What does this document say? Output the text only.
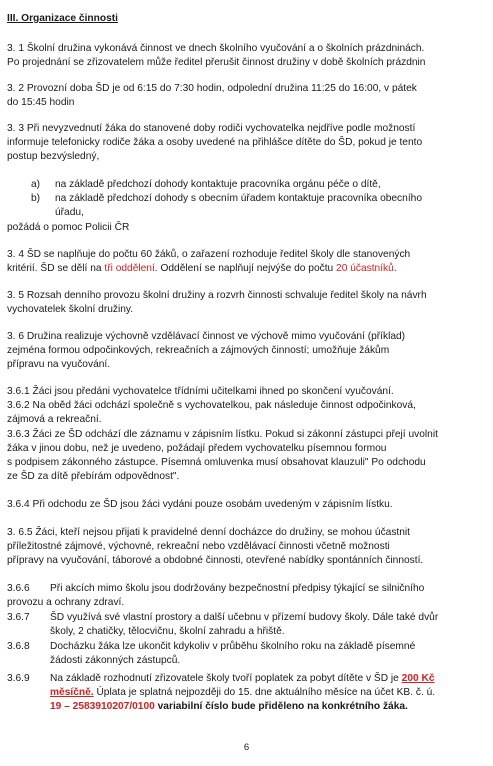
III. Organizace činnosti
3. 1 Školní družina vykonává činnost ve dnech školního vyučování a o školních prázdninách.
Po projednání se zřizovatelem může ředitel přerušit činnost družiny v době školních prázdnin
3. 2 Provozní doba ŠD je od 6:15 do 7:30 hodin, odpolední družina 11:25 do 16:00, v pátek
do 15:45 hodin
3. 3 Při nevyzvednutí žáka do stanovené doby rodiči vychovatelka nejdříve podle možností
informuje telefonicky rodiče žáka a osoby uvedené na přihlášce dítěte do ŠD, pokud je tento
postup bezvýsledný,
a) na základě předchozí dohody kontaktuje pracovníka orgánu péče o dítě,
b) na základě předchozí dohody s obecním úřadem kontaktuje pracovníka obecního
úřadu,
požádá o pomoc Policii ČR
3. 4 ŠD se naplňuje do počtu 60 žáků, o zařazení rozhoduje ředitel školy dle stanovených
kritérií. ŠD se dělí na tři oddělení. Oddělení se naplňují nejvýše do počtu 20 účastníků.
3. 5 Rozsah denního provozu školní družiny a rozvrh činnosti schvaluje ředitel školy na návrh
vychovatelek školní družiny.
3. 6 Družina realizuje výchovně vzdělávací činnost ve výchově mimo vyučování (příklad)
zejména formou odpočinkových, rekreačních a zájmových činností; umožňuje žákům
přípravu na vyučování.
3.6.1 Žáci jsou předáni vychovatelce třídními učitelkami ihned po skončení vyučování.
3.6.2 Na oběd žáci odchází společně s vychovatelkou, pak následuje činnost odpočinková,
zájmová a rekreační.
3.6.3 Žáci ze ŠD odchází dle záznamu v zápisním lístku. Pokud si zákonní zástupci přejí uvolnit
žáka v jinou dobu, než je uvedeno, požádají předem vychovatelku písemnou formou
s podpisem zákonného zástupce. Písemná omluvenka musí obsahovat klauzuli" Po odchodu
ze ŠD za dítě přebírám odpovědnost".
3.6.4 Při odchodu ze ŠD jsou žáci vydáni pouze osobám uvedeným v zápisním lístku.
3. 6.5 Žáci, kteří nejsou přijati k pravidelné denní docházce do družiny, se mohou účastnit
příležitostné zájmové, výchovné, rekreační nebo vzdělávací činnosti včetně možnosti
přípravy na vyučování, táborové a obdobné činnosti, otevřené nabídky spontánních činností.
3.6.6 Při akcích mimo školu jsou dodržovány bezpečnostní předpisy týkající se silničního
provozu a ochrany zdraví.
3.6.7 ŠD využívá své vlastní prostory a další učebnu v přízemí budovy školy. Dále také dvůr
školy, 2 chatičky, tělocvičnu, školní zahradu a hřiště.
3.6.8 Docházku žáka lze ukončit kdykoliv v průběhu školního roku na základě písemné
žádosti zákonných zástupců.
3.6.9 Na základě rozhodnutí zřizovatele školy tvoří poplatek za pobyt dítěte v ŠD je 200 Kč
měsíčně. Úplata je splatná nejpozději do 15. dne aktuálního měsíce na účet KB. č. ú.
19 – 2583910207/0100 variabilní číslo bude přiděleno na konkrétního žáka.
6
